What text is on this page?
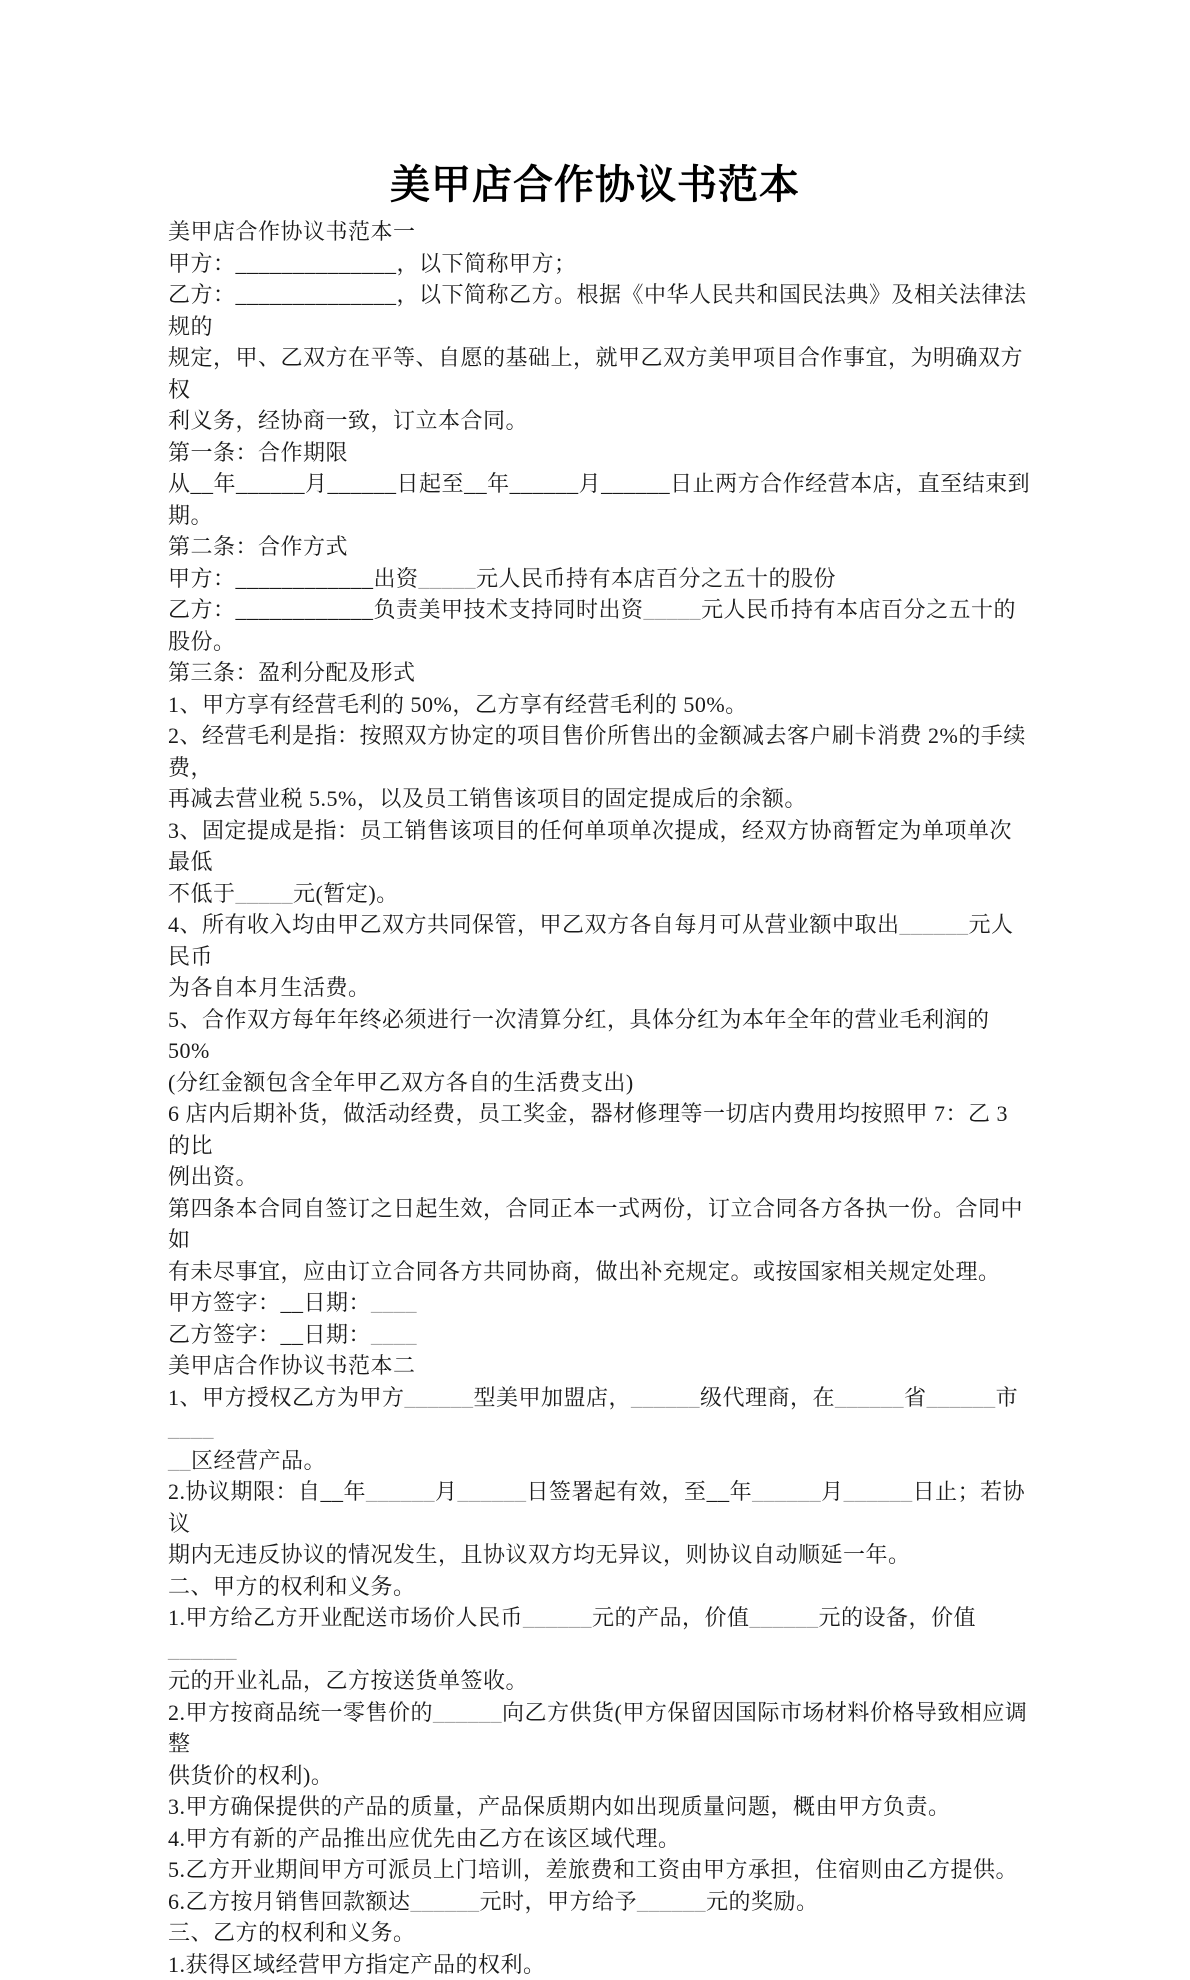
美甲店合作协议书范本
美甲店合作协议书范本一
甲方：______________，以下简称甲方；
乙方：______________，以下简称乙方。根据《中华人民共和国民法典》及相关法律法规的
规定，甲、乙双方在平等、自愿的基础上，就甲乙双方美甲项目合作事宜，为明确双方权
利义务，经协商一致，订立本合同。
第一条：合作期限
从__年______月______日起至__年______月______日止两方合作经营本店，直至结束到期。
第二条：合作方式
甲方：____________出资_____元人民币持有本店百分之五十的股份
乙方：____________负责美甲技术支持同时出资_____元人民币持有本店百分之五十的股份。
第三条：盈利分配及形式
1、甲方享有经营毛利的 50%，乙方享有经营毛利的 50%。
2、经营毛利是指：按照双方协定的项目售价所售出的金额减去客户刷卡消费 2%的手续费，
再减去营业税 5.5%，以及员工销售该项目的固定提成后的余额。
3、固定提成是指：员工销售该项目的任何单项单次提成，经双方协商暂定为单项单次最低
不低于_____元(暂定)。
4、所有收入均由甲乙双方共同保管，甲乙双方各自每月可从营业额中取出______元人民币
为各自本月生活费。
5、合作双方每年年终必须进行一次清算分红，具体分红为本年全年的营业毛利润的 50%
(分红金额包含全年甲乙双方各自的生活费支出)
6 店内后期补货，做活动经费，员工奖金，器材修理等一切店内费用均按照甲 7：乙 3 的比
例出资。
第四条本合同自签订之日起生效，合同正本一式两份，订立合同各方各执一份。合同中如
有未尽事宜，应由订立合同各方共同协商，做出补充规定。或按国家相关规定处理。
甲方签字：__日期：____
乙方签字：__日期：____
美甲店合作协议书范本二
1、甲方授权乙方为甲方______型美甲加盟店，______级代理商，在______省______市____
__区经营产品。
2.协议期限：自__年______月______日签署起有效，至__年______月______日止；若协议
期内无违反协议的情况发生，且协议双方均无异议，则协议自动顺延一年。
二、甲方的权利和义务。
1.甲方给乙方开业配送市场价人民币______元的产品，价值______元的设备，价值______
元的开业礼品，乙方按送货单签收。
2.甲方按商品统一零售价的______向乙方供货(甲方保留因国际市场材料价格导致相应调整
供货价的权利)。
3.甲方确保提供的产品的质量，产品保质期内如出现质量问题，概由甲方负责。
4.甲方有新的产品推出应优先由乙方在该区域代理。
5.乙方开业期间甲方可派员上门培训，差旅费和工资由甲方承担，住宿则由乙方提供。
6.乙方按月销售回款额达______元时，甲方给予______元的奖励。
三、乙方的权利和义务。
1.获得区域经营甲方指定产品的权利。
